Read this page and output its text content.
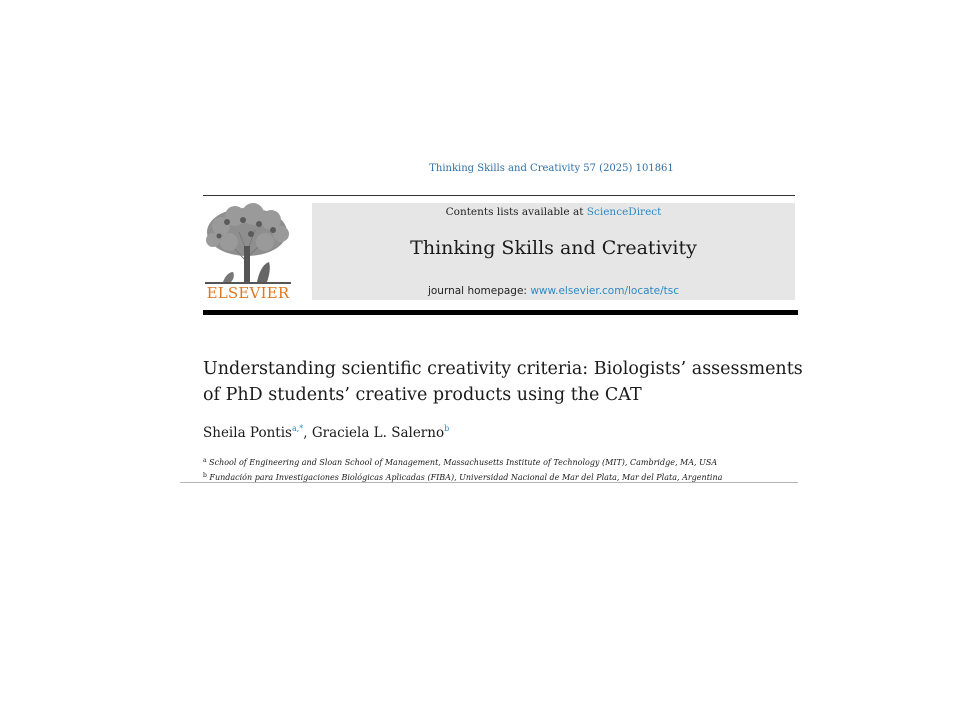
Thinking Skills and Creativity 57 (2025) 101861
ELSEVIER
Contents lists available at ScienceDirect
Thinking Skills and Creativity
journal homepage: www.elsevier.com/locate/tsc
Understanding scientific creativity criteria: Biologists’ assessments
of PhD students’ creative products using the CAT
Sheila Pontis$^{a,*}$, Graciela L. Salerno$^b$
$^a$ School of Engineering and Sloan School of Management, Massachusetts Institute of Technology (MIT), Cambridge, MA, USA
$^b$ Fundación para Investigaciones Biológicas Aplicadas (FIBA), Universidad Nacional de Mar del Plata, Mar del Plata, Argentina
